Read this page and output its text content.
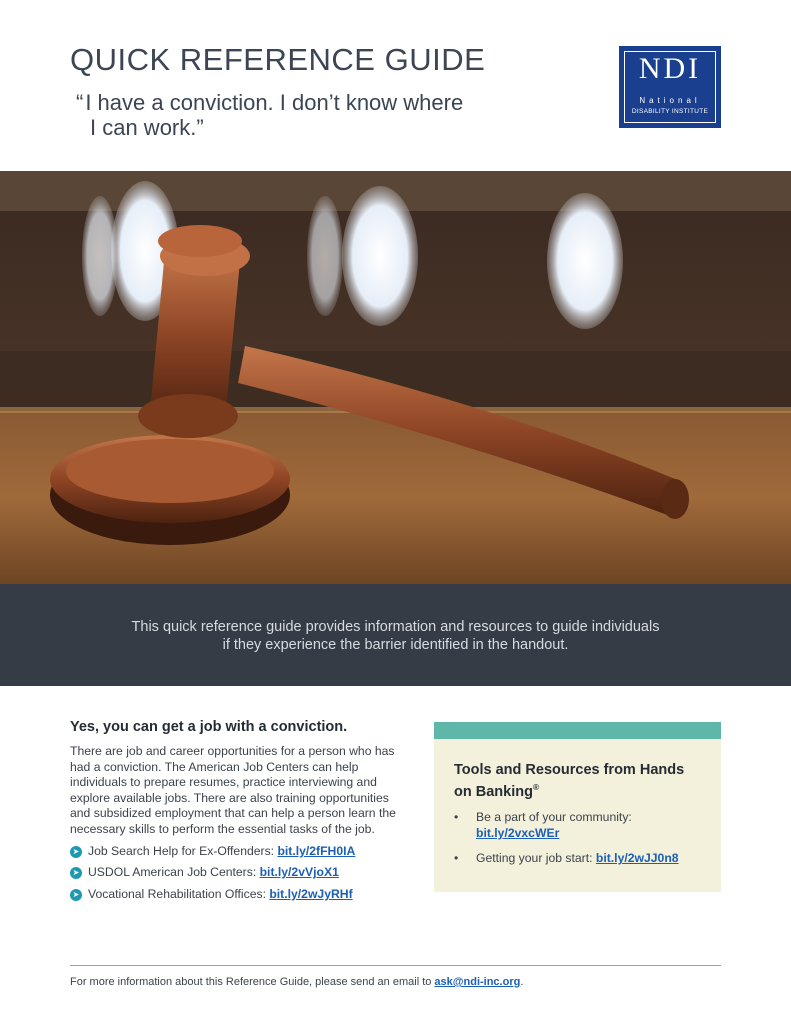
QUICK REFERENCE GUIDE
“I have a conviction. I don’t know where
I can work.”
NDI
National
DISABILITY INSTITUTE

This quick reference guide provides information and resources to guide individuals
if they experience the barrier identified in the handout.

Yes, you can get a job with a conviction.

There are job and career opportunities for a person who has had a conviction. The American Job Centers can help individuals to prepare resumes, practice interviewing and explore available jobs. There are also training opportunities and subsidized employment that can help a person learn the necessary skills to perform the essential tasks of the job.

➤ Job Search Help for Ex-Offenders: bit.ly/2fFH0IA
➤ USDOL American Job Centers: bit.ly/2vVjoX1
➤ Vocational Rehabilitation Offices: bit.ly/2wJyRHf
Tools and Resources from Hands on Banking®
• Be a part of your community:
bit.ly/2vxcWEr
• Getting your job start: bit.ly/2wJJ0n8

For more information about this Reference Guide, please send an email to ask@ndi-inc.org.
